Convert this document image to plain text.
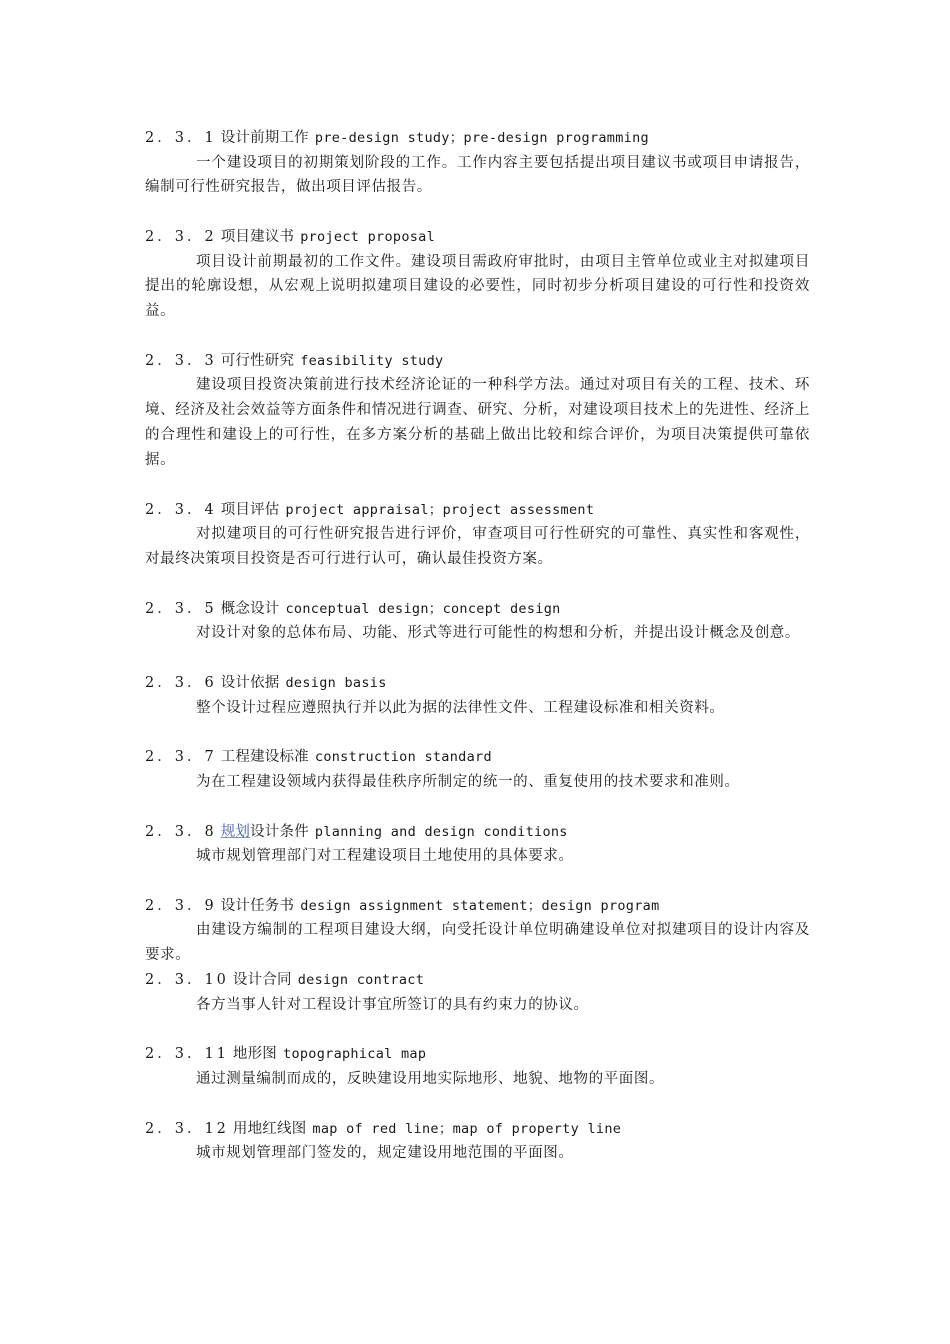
2．3．1 设计前期工作 pre-design study；pre-design programming

一个建设项目的初期策划阶段的工作。工作内容主要包括提出项目建议书或项目申请报告，编制可行性研究报告，做出项目评估报告。

2．3．2 项目建议书 project proposal

项目设计前期最初的工作文件。建设项目需政府审批时，由项目主管单位或业主对拟建项目提出的轮廓设想，从宏观上说明拟建项目建设的必要性，同时初步分析项目建设的可行性和投资效益。

2．3．3 可行性研究 feasibility study

建设项目投资决策前进行技术经济论证的一种科学方法。通过对项目有关的工程、技术、环境、经济及社会效益等方面条件和情况进行调查、研究、分析，对建设项目技术上的先进性、经济上的合理性和建设上的可行性，在多方案分析的基础上做出比较和综合评价，为项目决策提供可靠依据。

2．3．4 项目评估 project appraisal；project assessment

对拟建项目的可行性研究报告进行评价，审查项目可行性研究的可靠性、真实性和客观性，对最终决策项目投资是否可行进行认可，确认最佳投资方案。

2．3．5 概念设计 conceptual design；concept design

对设计对象的总体布局、功能、形式等进行可能性的构想和分析，并提出设计概念及创意。

2．3．6 设计依据 design basis

整个设计过程应遵照执行并以此为据的法律性文件、工程建设标准和相关资料。

2．3．7 工程建设标准 construction standard

为在工程建设领域内获得最佳秩序所制定的统一的、重复使用的技术要求和准则。

2．3．8 规划设计条件 planning and design conditions

城市规划管理部门对工程建设项目土地使用的具体要求。

2．3．9 设计任务书 design assignment statement；design program

由建设方编制的工程项目建设大纲，向受托设计单位明确建设单位对拟建项目的设计内容及要求。

2．3．10 设计合同 design contract

各方当事人针对工程设计事宜所签订的具有约束力的协议。

2．3．11 地形图 topographical map

通过测量编制而成的，反映建设用地实际地形、地貌、地物的平面图。

2．3．12 用地红线图 map of red line；map of property line

城市规划管理部门签发的，规定建设用地范围的平面图。
